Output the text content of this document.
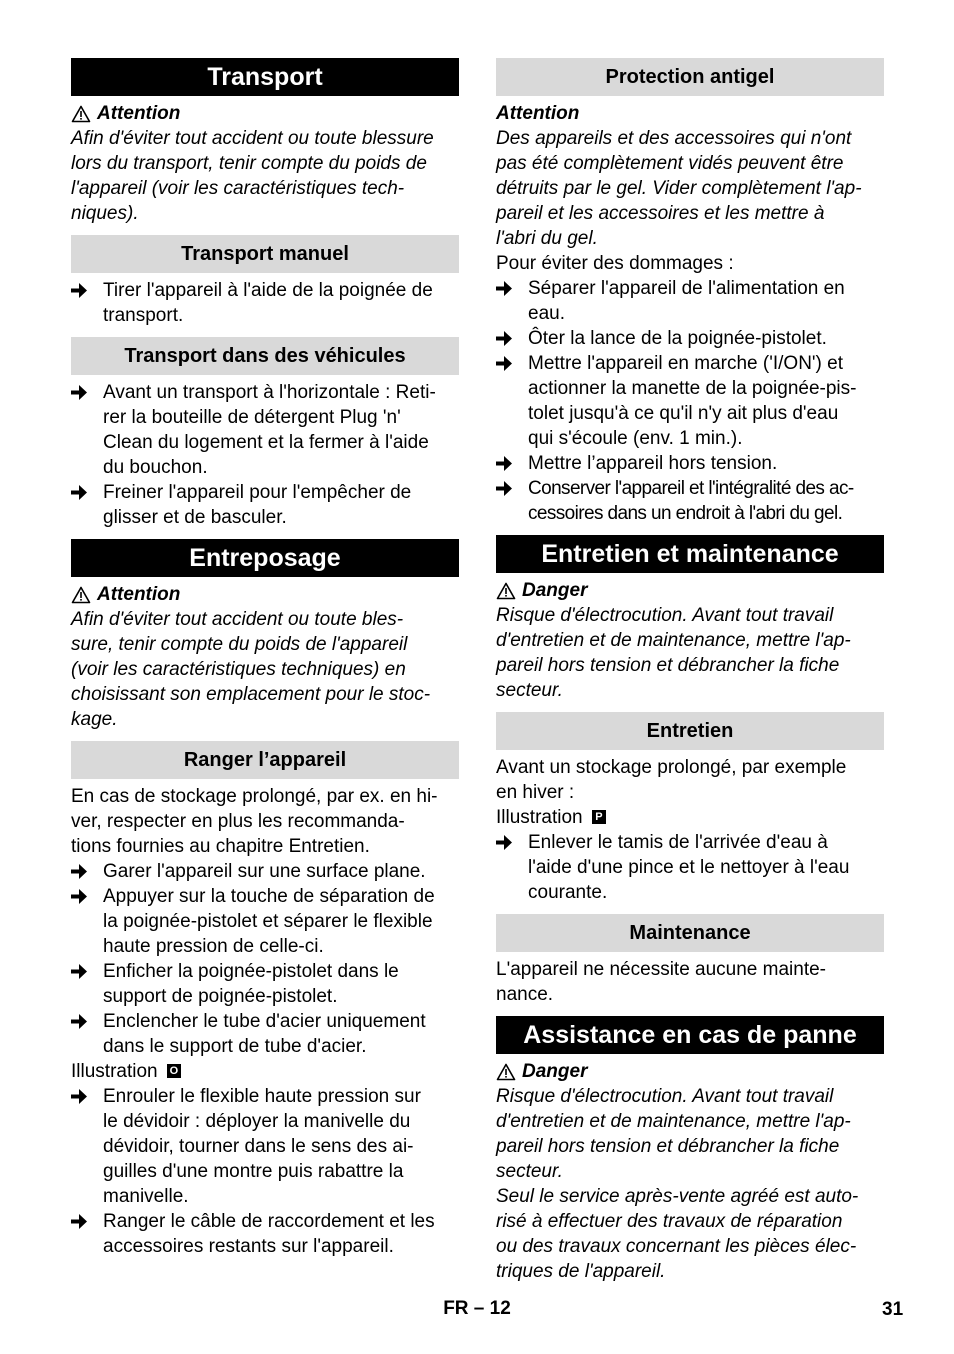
Transport
Attention
Afin d'éviter tout accident ou toute blessure
lors du transport, tenir compte du poids de
l'appareil (voir les caractéristiques tech-
niques).
Transport manuel
Tirer l'appareil à l'aide de la poignée de
transport.
Transport dans des véhicules
Avant un transport à l'horizontale : Reti-
rer la bouteille de détergent Plug 'n'
Clean du logement et la fermer à l'aide
du bouchon.
Freiner l'appareil pour l'empêcher de
glisser et de basculer.
Entreposage
Attention
Afin d'éviter tout accident ou toute bles-
sure, tenir compte du poids de l'appareil
(voir les caractéristiques techniques) en
choisissant son emplacement pour le stoc-
kage.
Ranger l’appareil
En cas de stockage prolongé, par ex. en hi-
ver, respecter en plus les recommanda-
tions fournies au chapitre Entretien.
Garer l'appareil sur une surface plane.
Appuyer sur la touche de séparation de
la poignée-pistolet et séparer le flexible
haute pression de celle-ci.
Enficher la poignée-pistolet dans le
support de poignée-pistolet.
Enclencher le tube d'acier uniquement
dans le support de tube d'acier.
Illustration O
Enrouler le flexible haute pression sur
le dévidoir : déployer la manivelle du
dévidoir, tourner dans le sens des ai-
guilles d'une montre puis rabattre la
manivelle.
Ranger le câble de raccordement et les
accessoires restants sur l'appareil.
Protection antigel
Attention
Des appareils et des accessoires qui n'ont
pas été complètement vidés peuvent être
détruits par le gel. Vider complètement l'ap-
pareil et les accessoires et les mettre à
l'abri du gel.
Pour éviter des dommages :
Séparer l'appareil de l'alimentation en
eau.
Ôter la lance de la poignée-pistolet.
Mettre l'appareil en marche ('I/ON') et
actionner la manette de la poignée-pis-
tolet jusqu'à ce qu'il n'y ait plus d'eau
qui s'écoule (env. 1 min.).
Mettre l’appareil hors tension.
Conserver l'appareil et l'intégralité des ac-
cessoires dans un endroit à l'abri du gel.
Entretien et maintenance
Danger
Risque d'électrocution. Avant tout travail
d'entretien et de maintenance, mettre l'ap-
pareil hors tension et débrancher la fiche
secteur.
Entretien
Avant un stockage prolongé, par exemple
en hiver :
Illustration	P
Enlever le tamis de l'arrivée d'eau à
l'aide d'une pince et le nettoyer à l'eau
courante.
Maintenance
L'appareil ne nécessite aucune mainte-
nance.
Assistance en cas de panne
Danger
Risque d'électrocution. Avant tout travail
d'entretien et de maintenance, mettre l'ap-
pareil hors tension et débrancher la fiche
secteur.
Seul le service après-vente agréé est auto-
risé à effectuer des travaux de réparation
ou des travaux concernant les pièces élec-
triques de l'appareil.
FR – 12	31
